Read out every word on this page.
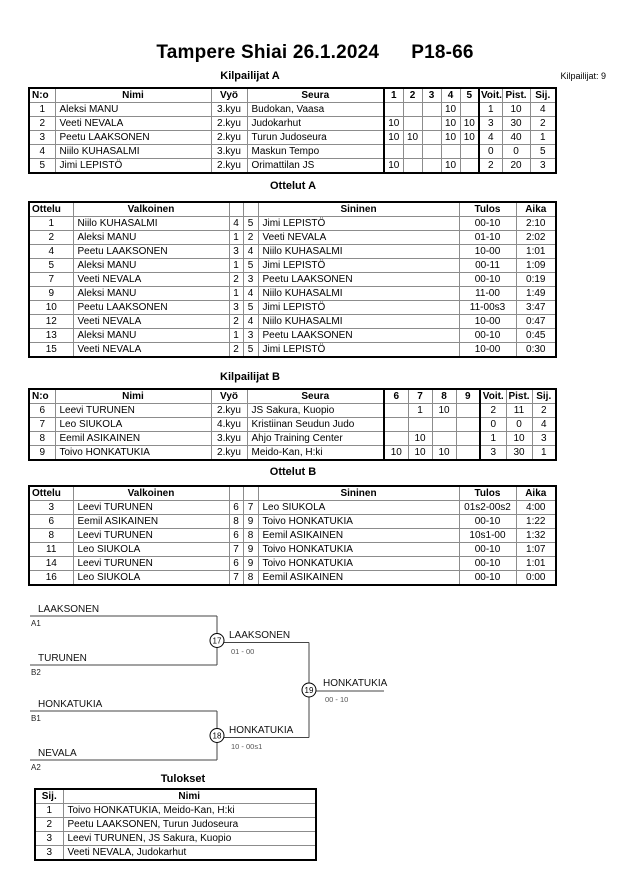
Tampere Shiai 26.1.2024 P18-66
Kilpailijat A	Kilpailijat: 9
N:o	Nimi	Vyö	Seura	1	2	3	4	5	Voit.	Pist.	Sij.
1	Aleksi MANU	3.kyu	Budokan, Vaasa				10		1	10	4
2	Veeti NEVALA	2.kyu	Judokarhut	10			10	10	3	30	2
3	Peetu LAAKSONEN	2.kyu	Turun Judoseura	10	10		10	10	4	40	1
4	Niilo KUHASALMI	3.kyu	Maskun Tempo						0	0	5
5	Jimi LEPISTÖ	2.kyu	Orimattilan JS	10			10		2	20	3
Ottelut A
Ottelu	Valkoinen			Sininen	Tulos	Aika
1	Niilo KUHASALMI	4	5	Jimi LEPISTÖ	00-10	2:10
2	Aleksi MANU	1	2	Veeti NEVALA	01-10	2:02
4	Peetu LAAKSONEN	3	4	Niilo KUHASALMI	10-00	1:01
5	Aleksi MANU	1	5	Jimi LEPISTÖ	00-11	1:09
7	Veeti NEVALA	2	3	Peetu LAAKSONEN	00-10	0:19
9	Aleksi MANU	1	4	Niilo KUHASALMI	11-00	1:49
10	Peetu LAAKSONEN	3	5	Jimi LEPISTÖ	11-00s3	3:47
12	Veeti NEVALA	2	4	Niilo KUHASALMI	10-00	0:47
13	Aleksi MANU	1	3	Peetu LAAKSONEN	00-10	0:45
15	Veeti NEVALA	2	5	Jimi LEPISTÖ	10-00	0:30
Kilpailijat B
N:o	Nimi	Vyö	Seura	6	7	8	9	Voit.	Pist.	Sij.
6	Leevi TURUNEN	2.kyu	JS Sakura, Kuopio		1	10		2	11	2
7	Leo SIUKOLA	4.kyu	Kristiinan Seudun Judo					0	0	4
8	Eemil ASIKAINEN	3.kyu	Ahjo Training Center		10			1	10	3
9	Toivo HONKATUKIA	2.kyu	Meido-Kan, H:ki	10	10	10		3	30	1
Ottelut B
Ottelu	Valkoinen			Sininen	Tulos	Aika
3	Leevi TURUNEN	6	7	Leo SIUKOLA	01s2-00s2	4:00
6	Eemil ASIKAINEN	8	9	Toivo HONKATUKIA	00-10	1:22
8	Leevi TURUNEN	6	8	Eemil ASIKAINEN	10s1-00	1:32
11	Leo SIUKOLA	7	9	Toivo HONKATUKIA	00-10	1:07
14	Leevi TURUNEN	6	9	Toivo HONKATUKIA	00-10	1:01
16	Leo SIUKOLA	7	8	Eemil ASIKAINEN	00-10	0:00
17
18
19
LAAKSONEN
A1
TURUNEN
B2
HONKATUKIA
B1
NEVALA
A2
LAAKSONEN
01 - 00
HONKATUKIA
10 - 00s1
HONKATUKIA
00 - 10
Tulokset
Sij.	Nimi
1	Toivo HONKATUKIA, Meido-Kan, H:ki
2	Peetu LAAKSONEN, Turun Judoseura
3	Leevi TURUNEN, JS Sakura, Kuopio
3	Veeti NEVALA, Judokarhut
